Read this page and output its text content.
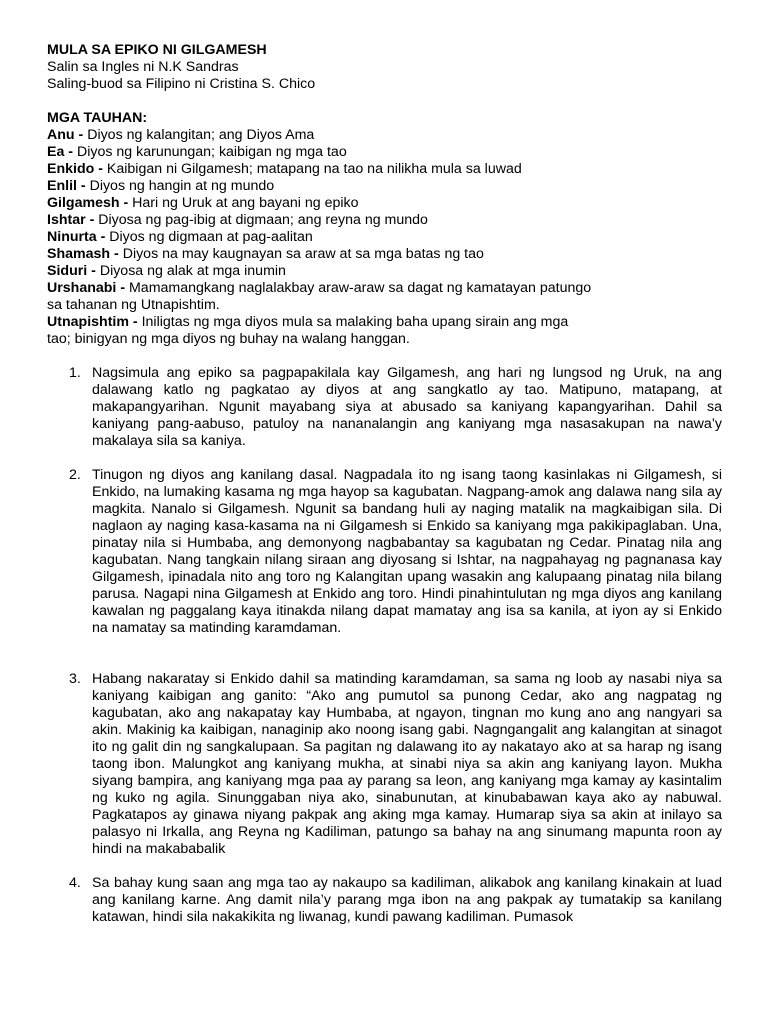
MULA SA EPIKO NI GILGAMESH
Salin sa Ingles ni N.K Sandras
Saling-buod sa Filipino ni Cristina S. Chico
MGA TAUHAN:
Anu - Diyos ng kalangitan; ang Diyos Ama
Ea - Diyos ng karunungan; kaibigan ng mga tao
Enkido - Kaibigan ni Gilgamesh; matapang na tao na nilikha mula sa luwad
Enlil - Diyos ng hangin at ng mundo
Gilgamesh - Hari ng Uruk at ang bayani ng epiko
Ishtar - Diyosa ng pag-ibig at digmaan; ang reyna ng mundo
Ninurta - Diyos ng digmaan at pag-aalitan
Shamash - Diyos na may kaugnayan sa araw at sa mga batas ng tao
Siduri - Diyosa ng alak at mga inumin
Urshanabi - Mamamangkang naglalakbay araw-araw sa dagat ng kamatayan patungo sa tahanan ng Utnapishtim.
Utnapishtim - Iniligtas ng mga diyos mula sa malaking baha upang sirain ang mga tao; binigyan ng mga diyos ng buhay na walang hanggan.
1. Nagsimula ang epiko sa pagpapakilala kay Gilgamesh, ang hari ng lungsod ng Uruk, na ang dalawang katlo ng pagkatao ay diyos at ang sangkatlo ay tao. Matipuno, matapang, at makapangyarihan. Ngunit mayabang siya at abusado sa kaniyang kapangyarihan. Dahil sa kaniyang pang-aabuso, patuloy na nananalangin ang kaniyang mga nasasakupan na nawa’y makalaya sila sa kaniya.
2. Tinugon ng diyos ang kanilang dasal. Nagpadala ito ng isang taong kasinlakas ni Gilgamesh, si Enkido, na lumaking kasama ng mga hayop sa kagubatan. Nagpang-amok ang dalawa nang sila ay magkita. Nanalo si Gilgamesh. Ngunit sa bandang huli ay naging matalik na magkaibigan sila. Di naglaon ay naging kasa-kasama na ni Gilgamesh si Enkido sa kaniyang mga pakikipaglaban. Una, pinatay nila si Humbaba, ang demonyong nagbabantay sa kagubatan ng Cedar. Pinatag nila ang kagubatan. Nang tangkain nilang siraan ang diyosang si Ishtar, na nagpahayag ng pagnanasa kay Gilgamesh, ipinadala nito ang toro ng Kalangitan upang wasakin ang kalupaang pinatag nila bilang parusa. Nagapi nina Gilgamesh at Enkido ang toro. Hindi pinahintulutan ng mga diyos ang kanilang kawalan ng paggalang kaya itinakda nilang dapat mamatay ang isa sa kanila, at iyon ay si Enkido na namatay sa matinding karamdaman.
3. Habang nakaratay si Enkido dahil sa matinding karamdaman, sa sama ng loob ay nasabi niya sa kaniyang kaibigan ang ganito: “Ako ang pumutol sa punong Cedar, ako ang nagpatag ng kagubatan, ako ang nakapatay kay Humbaba, at ngayon, tingnan mo kung ano ang nangyari sa akin. Makinig ka kaibigan, nanaginip ako noong isang gabi. Nagngangalit ang kalangitan at sinagot ito ng galit din ng sangkalupaan. Sa pagitan ng dalawang ito ay nakatayo ako at sa harap ng isang taong ibon. Malungkot ang kaniyang mukha, at sinabi niya sa akin ang kaniyang layon. Mukha siyang bampira, ang kaniyang mga paa ay parang sa leon, ang kaniyang mga kamay ay kasintalim ng kuko ng agila. Sinunggaban niya ako, sinabunutan, at kinubabawan kaya ako ay nabuwal. Pagkatapos ay ginawa niyang pakpak ang aking mga kamay. Humarap siya sa akin at inilayo sa palasyo ni Irkalla, ang Reyna ng Kadiliman, patungo sa bahay na ang sinumang mapunta roon ay hindi na makababalik
4. Sa bahay kung saan ang mga tao ay nakaupo sa kadiliman, alikabok ang kanilang kinakain at luad ang kanilang karne. Ang damit nila’y parang mga ibon na ang pakpak ay tumatakip sa kanilang katawan, hindi sila nakakikita ng liwanag, kundi pawang kadiliman. Pumasok
